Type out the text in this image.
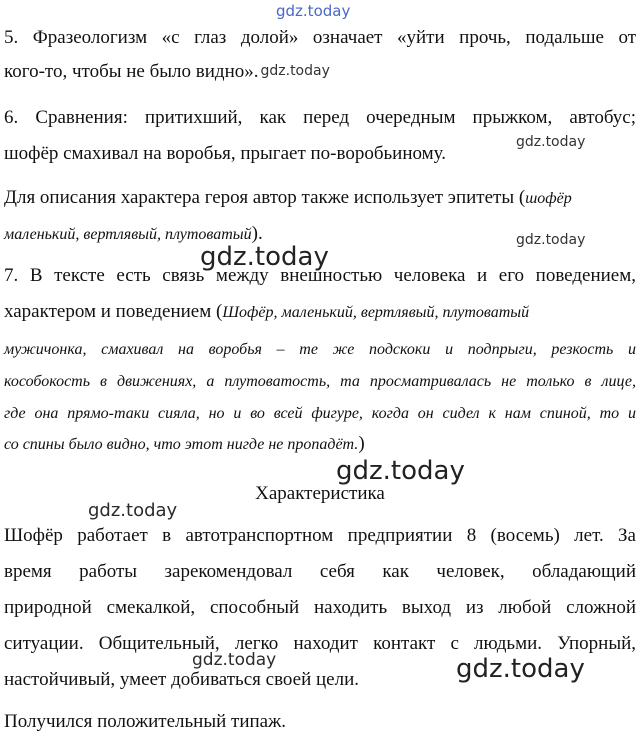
gdz.today
5. Фразеологизм «с глаз долой» означает «уйти прочь, подальше от
кого-то, чтобы не было видно». gdz.today
6. Сравнения: притихший, как перед очередным прыжком, автобус;
gdz.today
шофёр смахивал на воробья, прыгает по-воробьиному.
Для описания характера героя автор также использует эпитеты (шофёр
маленький, вертлявый, плутоватый).	gdz.today
gdz.today
7. В тексте есть связь между внешностью человека и его поведением,
характером и поведением (Шофёр, маленький, вертлявый, плутоватый
мужичонка, смахивал на воробья – те же подскоки и подпрыги, резкость и
кособокость в движениях, а плутоватость, та просматривалась не только в лице,
где она прямо-таки сияла, но и во всей фигуре, когда он сидел к нам спиной, то и
со спины было видно, что этот нигде не пропадёт.)
gdz.today
gdz.today
Характеристика
Шофёр работает в автотранспортном предприятии 8 (восемь) лет. За
время работы зарекомендовал себя как человек, обладающий
природной смекалкой, способный находить выход из любой сложной
ситуации. Общительный, легко находит контакт с людьми. Упорный,
gdz.today	gdz.today
настойчивый, умеет добиваться своей цели.
Получился положительный типаж.
